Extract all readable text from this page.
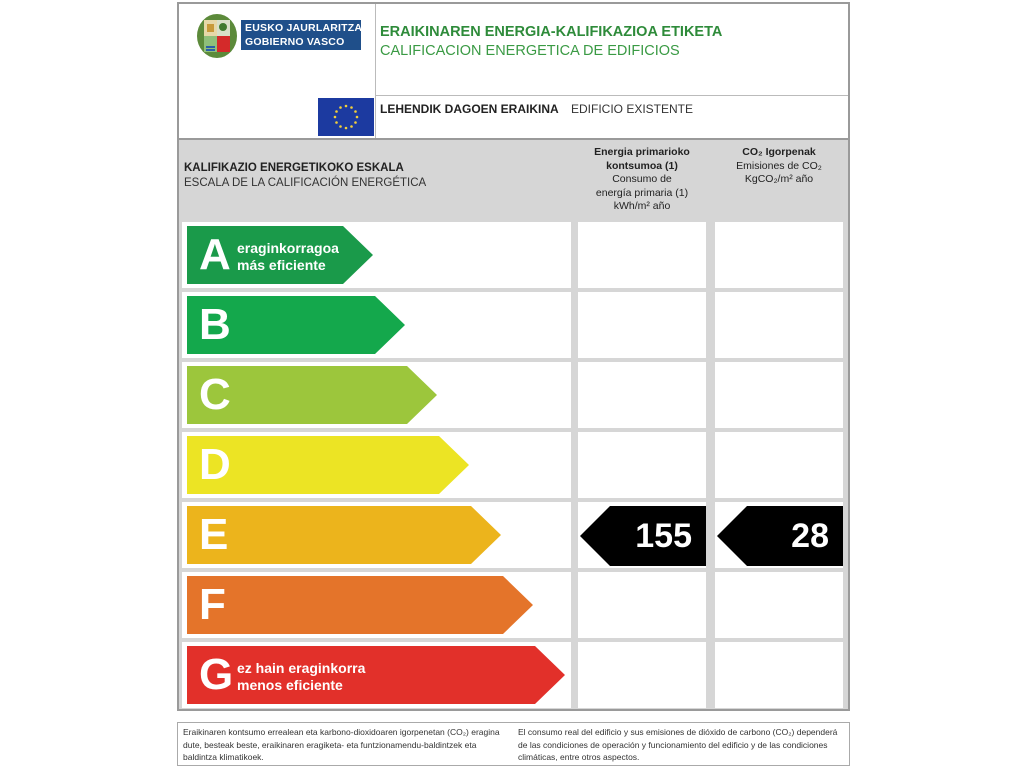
EUSKO JAURLARITZA
GOBIERNO VASCO
ERAIKINAREN ENERGIA-KALIFIKAZIOA ETIKETA
CALIFICACION ENERGETICA DE EDIFICIOS
LEHENDIK DAGOEN ERAIKINA EDIFICIO EXISTENTE
KALIFIKAZIO ENERGETIKOKO ESKALA
ESCALA DE LA CALIFICACIÓN ENERGÉTICA
Energia primarioko
kontsumoa (1)
Consumo de
energía primaria (1)
kWh/m² año
CO₂ Igorpenak
Emisiones de CO₂
KgCO₂/m² año
A eraginkorragoa
más eficiente
B
C
D
E	155	28
F
G ez hain eraginkorra
menos eficiente
Eraikinaren kontsumo errealean eta karbono-dioxidoaren igorpenetan (CO₂) eragina dute, besteak beste, eraikinaren eragiketa- eta funtzionamendu-baldintzek eta baldintza klimatikoek.
El consumo real del edificio y sus emisiones de dióxido de carbono (CO₂) dependerá de las condiciones de operación y funcionamiento del edificio y de las condiciones climáticas, entre otros aspectos.
